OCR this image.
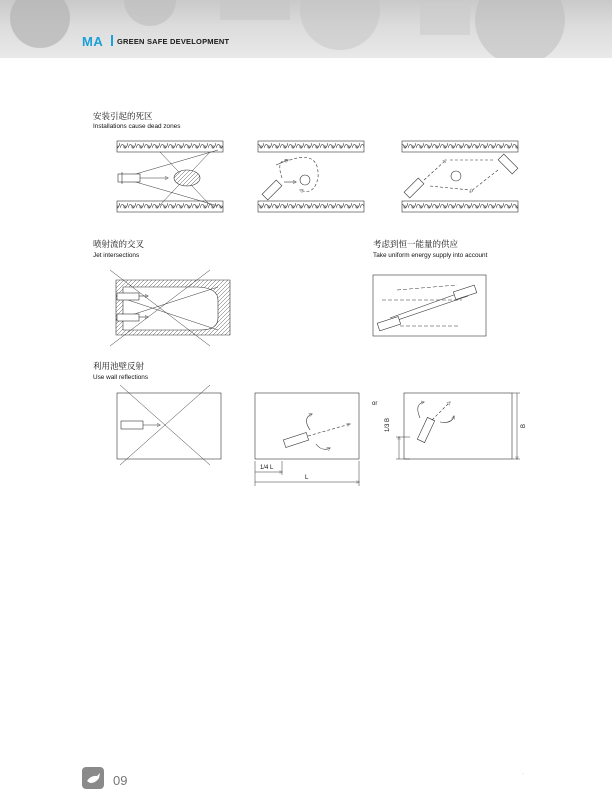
MA GREEN SAFE DEVELOPMENT
安装引起的死区
Installations cause dead zones
喷射流的交叉
Jet intersections
考虑到恒一能量的供应
Take uniform energy supply into account
利用池壁反射
Use wall reflections
1/4 L
L
or
1/3 B	B
09
..
